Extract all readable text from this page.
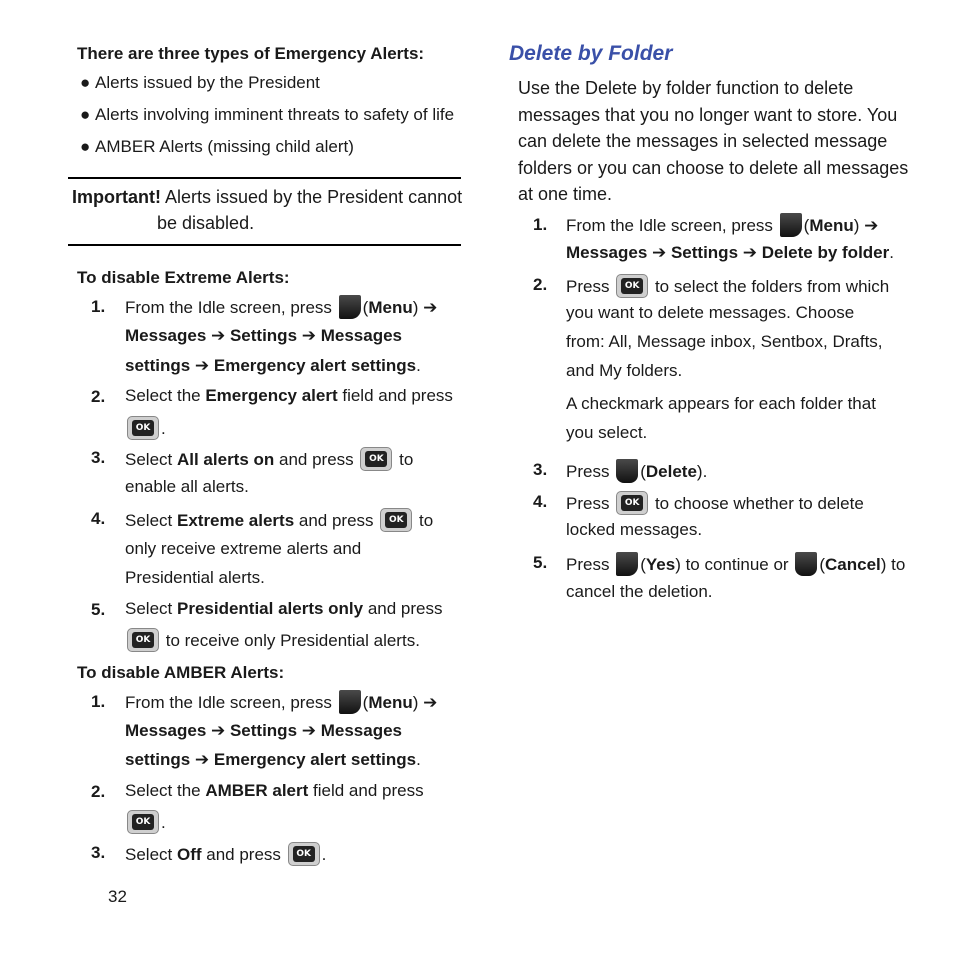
There are three types of Emergency Alerts:
● Alerts issued by the President
● Alerts involving imminent threats to safety of life
● AMBER Alerts (missing child alert)
Important! Alerts issued by the President cannot
be disabled.
To disable Extreme Alerts:
1. From the Idle screen, press (Menu) ➔
Messages ➔ Settings ➔ Messages
settings ➔ Emergency alert settings.
2. Select the Emergency alert field and press
OK.
3. Select All alerts on and press OK	to
enable all alerts.
4. Select Extreme alerts and press OK	to
only receive extreme alerts and
Presidential alerts.
5. Select Presidential alerts only and press
OK to receive only Presidential alerts.
To disable AMBER Alerts:
1. From the Idle screen, press (Menu) ➔
Messages ➔ Settings ➔ Messages
settings ➔ Emergency alert settings.
2. Select the AMBER alert field and press
OK.
3. Select Off and press OK .
32
Delete by Folder
Use the Delete by folder function to delete
messages that you no longer want to store. You
can delete the messages in selected message
folders or you can choose to delete all messages
at one time.
1. From the Idle screen, press (Menu) ➔
Messages ➔ Settings ➔ Delete by folder.
2. Press OK	to select the folders from which
you want to delete messages. Choose
from: All, Message inbox, Sentbox, Drafts,
and My folders.
A checkmark appears for each folder that
you select.
3. Press (Delete).
4. Press OK	to choose whether to delete
locked messages.
5. Press (Yes) to continue or (Cancel) to
cancel the deletion.
